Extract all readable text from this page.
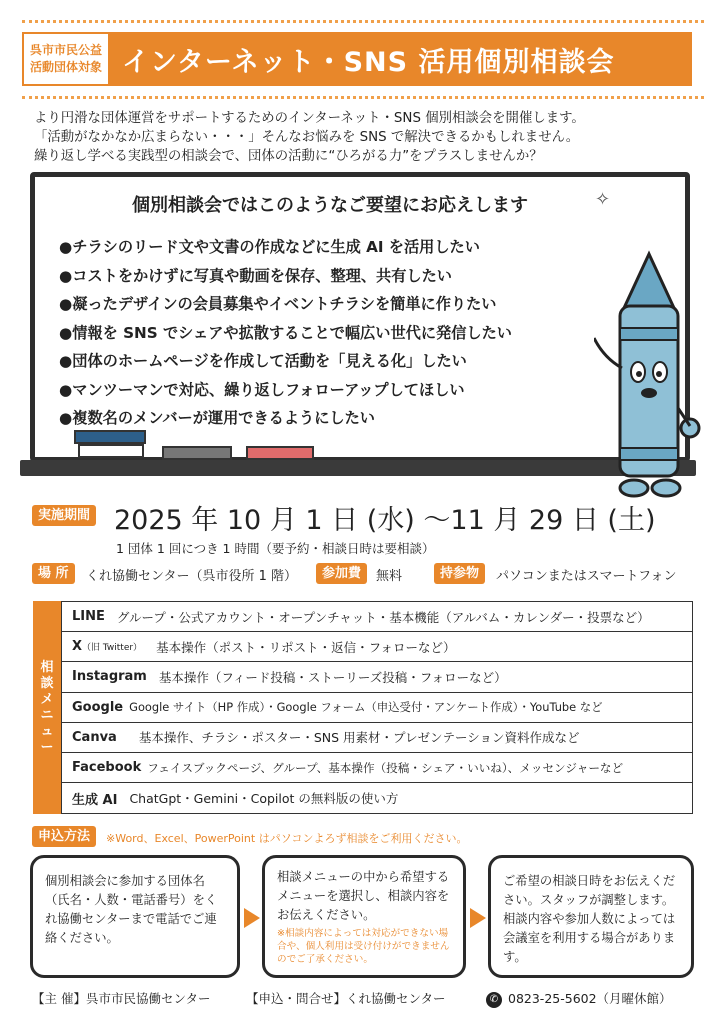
呉市市民公益
活動団体対象 インターネット・SNS 活用個別相談会
より円滑な団体運営をサポートするためのインターネット・SNS 個別相談会を開催します。
「活動がなかなか広まらない・・・」そんなお悩みを SNS で解決できるかもしれません。
繰り返し学べる実践型の相談会で、団体の活動に“ひろがる力”をプラスしませんか？
個別相談会ではこのようなご要望にお応えします	✧
●チラシのリード文や文書の作成などに生成 AI を活用したい
●コストをかけずに写真や動画を保存、整理、共有したい
●凝ったデザインの会員募集やイベントチラシを簡単に作りたい
●情報を SNS でシェアや拡散することで幅広い世代に発信したい
●団体のホームページを作成して活動を「見える化」したい
●マンツーマンで対応、繰り返しフォローアップしてほしい
●複数名のメンバーが運用できるようにしたい
実施期間 2025 年 10 月 1 日 (水) ～11 月 29 日 (土)
1 団体 1 回につき 1 時間（要予約・相談日時は要相談）
場 所	くれ協働センター（呉市役所 1 階）	参加費	無料	持参物	パソコンまたはスマートフォン
相
談
メ
ニ
ュ
ー
LINE グループ・公式アカウント・オープンチャット・基本機能（アルバム・カレンダー・投票など）
X （旧 Twitter） 基本操作（ポスト・リポスト・返信・フォローなど）
Instagram 基本操作（フィード投稿・ストーリーズ投稿・フォローなど）
Google Google サイト（HP 作成）・Google フォーム（申込受付・アンケート作成）・YouTube など
Canva 基本操作、チラシ・ポスター・SNS 用素材・プレゼンテーション資料作成など
Facebook フェイスブックページ、グループ、基本操作（投稿・シェア・いいね）、メッセンジャーなど
生成 AI ChatGpt・Gemini・Copilot の無料版の使い方
申込方法	※Word、Excel、PowerPoint はパソコンよろず相談をご利用ください。
個別相談会に参加する団体名（氏名・人数・電話番号）をくれ協働センターまで電話でご連絡ください。
相談メニューの中から希望するメニューを選択し、相談内容をお伝えください。
※相談内容によっては対応ができない場合や、個人利用は受け付けができませんのでご了承ください。
ご希望の相談日時をお伝えください。スタッフが調整します。相談内容や参加人数によっては会議室を利用する場合があります。
【主 催】呉市市民協働センター	【申込・問合せ】くれ協働センター	✆ 0823-25-5602（月曜休館）
